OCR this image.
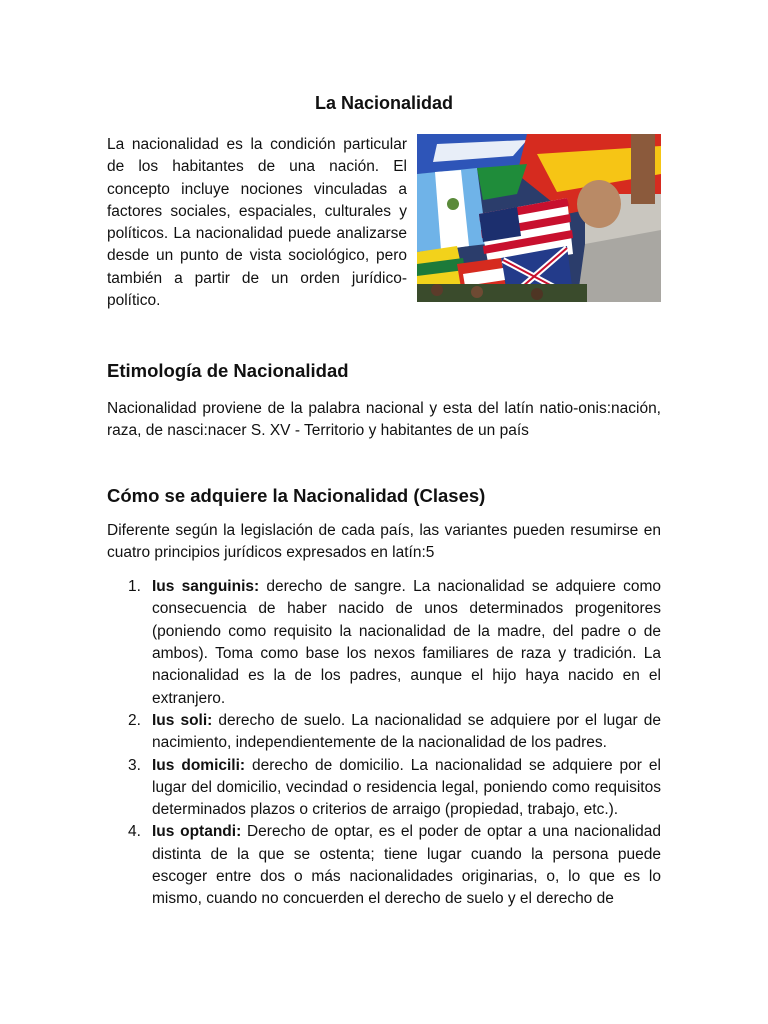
La Nacionalidad

La nacionalidad es la condición particular de los habitantes de una nación. El concepto incluye nociones vinculadas a factores sociales, espaciales, culturales y políticos. La nacionalidad puede analizarse desde un punto de vista sociológico, pero también a partir de un orden jurídico-político.

Etimología de Nacionalidad

Nacionalidad proviene de la palabra nacional y esta del latín natio-onis:nación, raza, de nasci:nacer S. XV - Territorio y habitantes de un país

Cómo se adquiere la Nacionalidad (Clases)

Diferente según la legislación de cada país, las variantes pueden resumirse en cuatro principios jurídicos expresados en latín:5

1. Ius sanguinis: derecho de sangre. La nacionalidad se adquiere como consecuencia de haber nacido de unos determinados progenitores (poniendo como requisito la nacionalidad de la madre, del padre o de ambos). Toma como base los nexos familiares de raza y tradición. La nacionalidad es la de los padres, aunque el hijo haya nacido en el extranjero.
2. Ius soli: derecho de suelo. La nacionalidad se adquiere por el lugar de nacimiento, independientemente de la nacionalidad de los padres.
3. Ius domicili: derecho de domicilio. La nacionalidad se adquiere por el lugar del domicilio, vecindad o residencia legal, poniendo como requisitos determinados plazos o criterios de arraigo (propiedad, trabajo, etc.).
4. Ius optandi: Derecho de optar, es el poder de optar a una nacionalidad distinta de la que se ostenta; tiene lugar cuando la persona puede escoger entre dos o más nacionalidades originarias, o, lo que es lo mismo, cuando no concuerden el derecho de suelo y el derecho de
